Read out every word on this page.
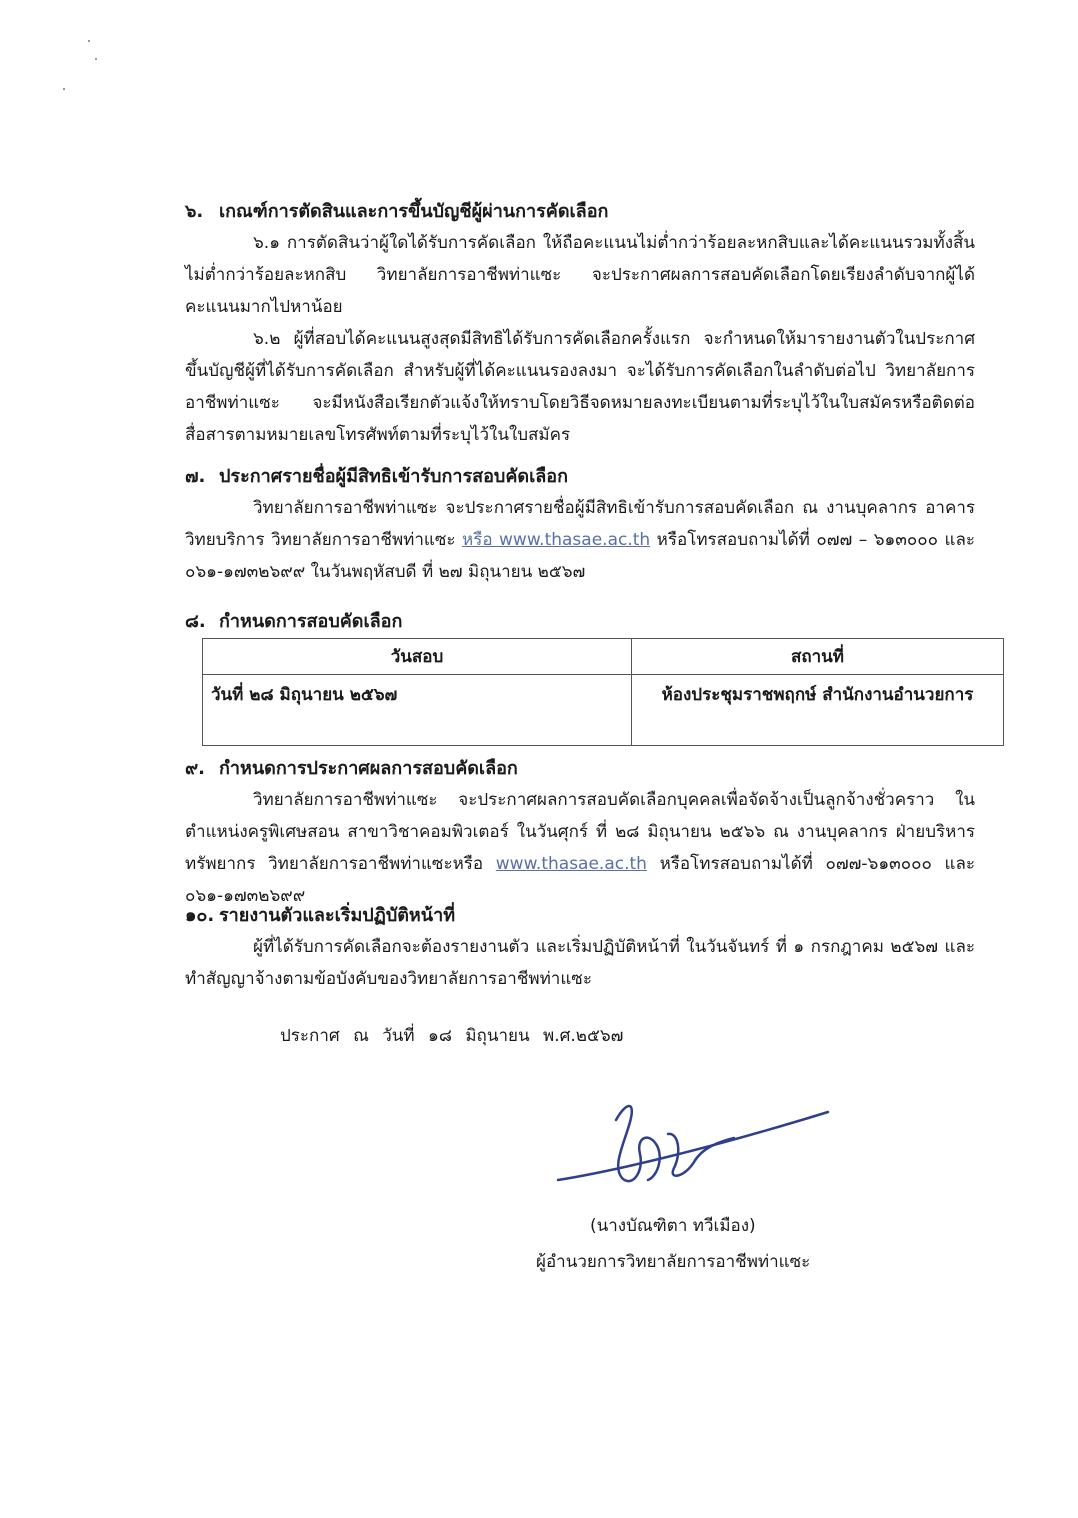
๖. เกณฑ์การตัดสินและการขึ้นบัญชีผู้ผ่านการคัดเลือก
๖.๑ การตัดสินว่าผู้ใดได้รับการคัดเลือก ให้ถือคะแนนไม่ต่ำกว่าร้อยละหกสิบและได้คะแนนรวมทั้งสิ้นไม่ต่ำกว่าร้อยละหกสิบ วิทยาลัยการอาชีพท่าแซะ จะประกาศผลการสอบคัดเลือกโดยเรียงลำดับจากผู้ได้คะแนนมากไปหาน้อย
๖.๒ ผู้ที่สอบได้คะแนนสูงสุดมีสิทธิได้รับการคัดเลือกครั้งแรก จะกำหนดให้มารายงานตัวในประกาศขึ้นบัญชีผู้ที่ได้รับการคัดเลือก สำหรับผู้ที่ได้คะแนนรองลงมา จะได้รับการคัดเลือกในลำดับต่อไป วิทยาลัยการอาชีพท่าแซะ จะมีหนังสือเรียกตัวแจ้งให้ทราบโดยวิธีจดหมายลงทะเบียนตามที่ระบุไว้ในใบสมัครหรือติดต่อสื่อสารตามหมายเลขโทรศัพท์ตามที่ระบุไว้ในใบสมัคร
๗. ประกาศรายชื่อผู้มีสิทธิเข้ารับการสอบคัดเลือก
วิทยาลัยการอาชีพท่าแซะ จะประกาศรายชื่อผู้มีสิทธิเข้ารับการสอบคัดเลือก ณ งานบุคลากร อาคารวิทยบริการ วิทยาลัยการอาชีพท่าแซะ หรือ www.thasae.ac.th หรือโทรสอบถามได้ที่ ๐๗๗ – ๖๑๓๐๐๐ และ ๐๖๑-๑๗๓๒๖๙๙ ในวันพฤหัสบดี ที่ ๒๗ มิถุนายน ๒๕๖๗
๘. กำหนดการสอบคัดเลือก
วันสอบ	สถานที่
วันที่ ๒๘ มิถุนายน ๒๕๖๗	ห้องประชุมราชพฤกษ์ สำนักงานอำนวยการ
๙. กำหนดการประกาศผลการสอบคัดเลือก
วิทยาลัยการอาชีพท่าแซะ จะประกาศผลการสอบคัดเลือกบุคคลเพื่อจัดจ้างเป็นลูกจ้างชั่วคราว ในตำแหน่งครูพิเศษสอน สาขาวิชาคอมพิวเตอร์ ในวันศุกร์ ที่ ๒๘ มิถุนายน ๒๕๖๖ ณ งานบุคลากร ฝ่ายบริหารทรัพยากร วิทยาลัยการอาชีพท่าแซะหรือ www.thasae.ac.th หรือโทรสอบถามได้ที่ ๐๗๗-๖๑๓๐๐๐ และ ๐๖๑-๑๗๓๒๖๙๙
๑๐. รายงานตัวและเริ่มปฏิบัติหน้าที่
ผู้ที่ได้รับการคัดเลือกจะต้องรายงานตัว และเริ่มปฏิบัติหน้าที่ ในวันจันทร์ ที่ ๑ กรกฎาคม ๒๕๖๗ และทำสัญญาจ้างตามข้อบังคับของวิทยาลัยการอาชีพท่าแซะ
ประกาศ ณ วันที่ ๑๘ มิถุนายน พ.ศ.๒๕๖๗
(นางบัณฑิตา ทวีเมือง)
ผู้อำนวยการวิทยาลัยการอาชีพท่าแซะ
